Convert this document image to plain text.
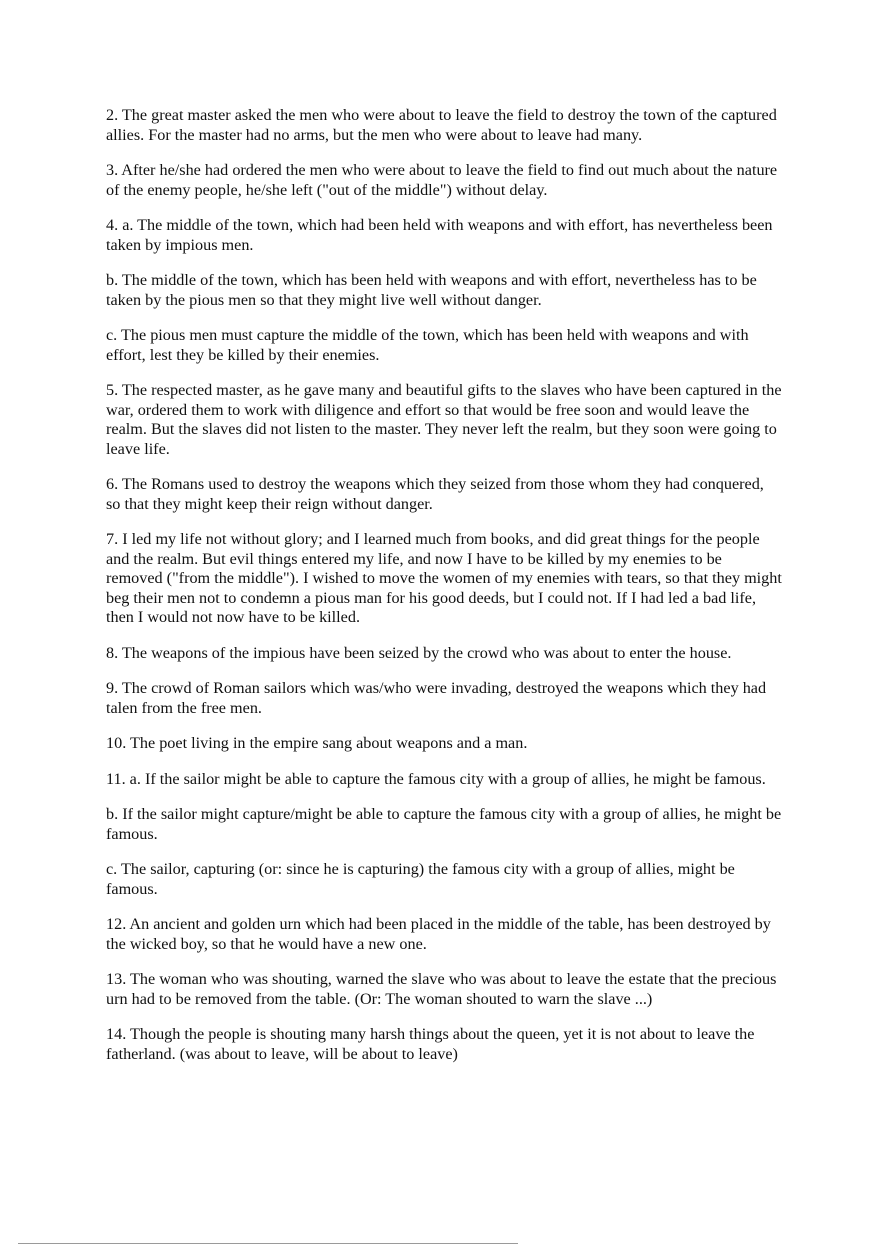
2. The great master asked the men who were about to leave the field to destroy the town of the captured allies. For the master had no arms, but the men who were about to leave had many.

3. After he/she had ordered the men who were about to leave the field to find out much about the nature of the enemy people, he/she left ("out of the middle") without delay.

4. a. The middle of the town, which had been held with weapons and with effort, has nevertheless been taken by impious men.

b. The middle of the town, which has been held with weapons and with effort, nevertheless has to be taken by the pious men so that they might live well without danger.

c. The pious men must capture the middle of the town, which has been held with weapons and with effort, lest they be killed by their enemies.

5. The respected master, as he gave many and beautiful gifts to the slaves who have been captured in the war, ordered them to work with diligence and effort so that would be free soon and would leave the realm. But the slaves did not listen to the master. They never left the realm, but they soon were going to leave life.

6. The Romans used to destroy the weapons which they seized from those whom they had conquered, so that they might keep their reign without danger.

7. I led my life not without glory; and I learned much from books, and did great things for the people and the realm. But evil things entered my life, and now I have to be killed by my enemies to be removed ("from the middle"). I wished to move the women of my enemies with tears, so that they might beg their men not to condemn a pious man for his good deeds, but I could not. If I had led a bad life, then I would not now have to be killed.

8. The weapons of the impious have been seized by the crowd who was about to enter the house.

9. The crowd of Roman sailors which was/who were invading, destroyed the weapons which they had talen from the free men.

10. The poet living in the empire sang about weapons and a man.

11. a. If the sailor might be able to capture the famous city with a group of allies, he might be famous.

b. If the sailor might capture/might be able to capture the famous city with a group of allies, he might be famous.

c. The sailor, capturing (or: since he is capturing) the famous city with a group of allies, might be famous.

12. An ancient and golden urn which had been placed in the middle of the table, has been destroyed by the wicked boy, so that he would have a new one.

13. The woman who was shouting, warned the slave who was about to leave the estate that the precious urn had to be removed from the table. (Or: The woman shouted to warn the slave ...)

14. Though the people is shouting many harsh things about the queen, yet it is not about to leave the fatherland. (was about to leave, will be about to leave)
